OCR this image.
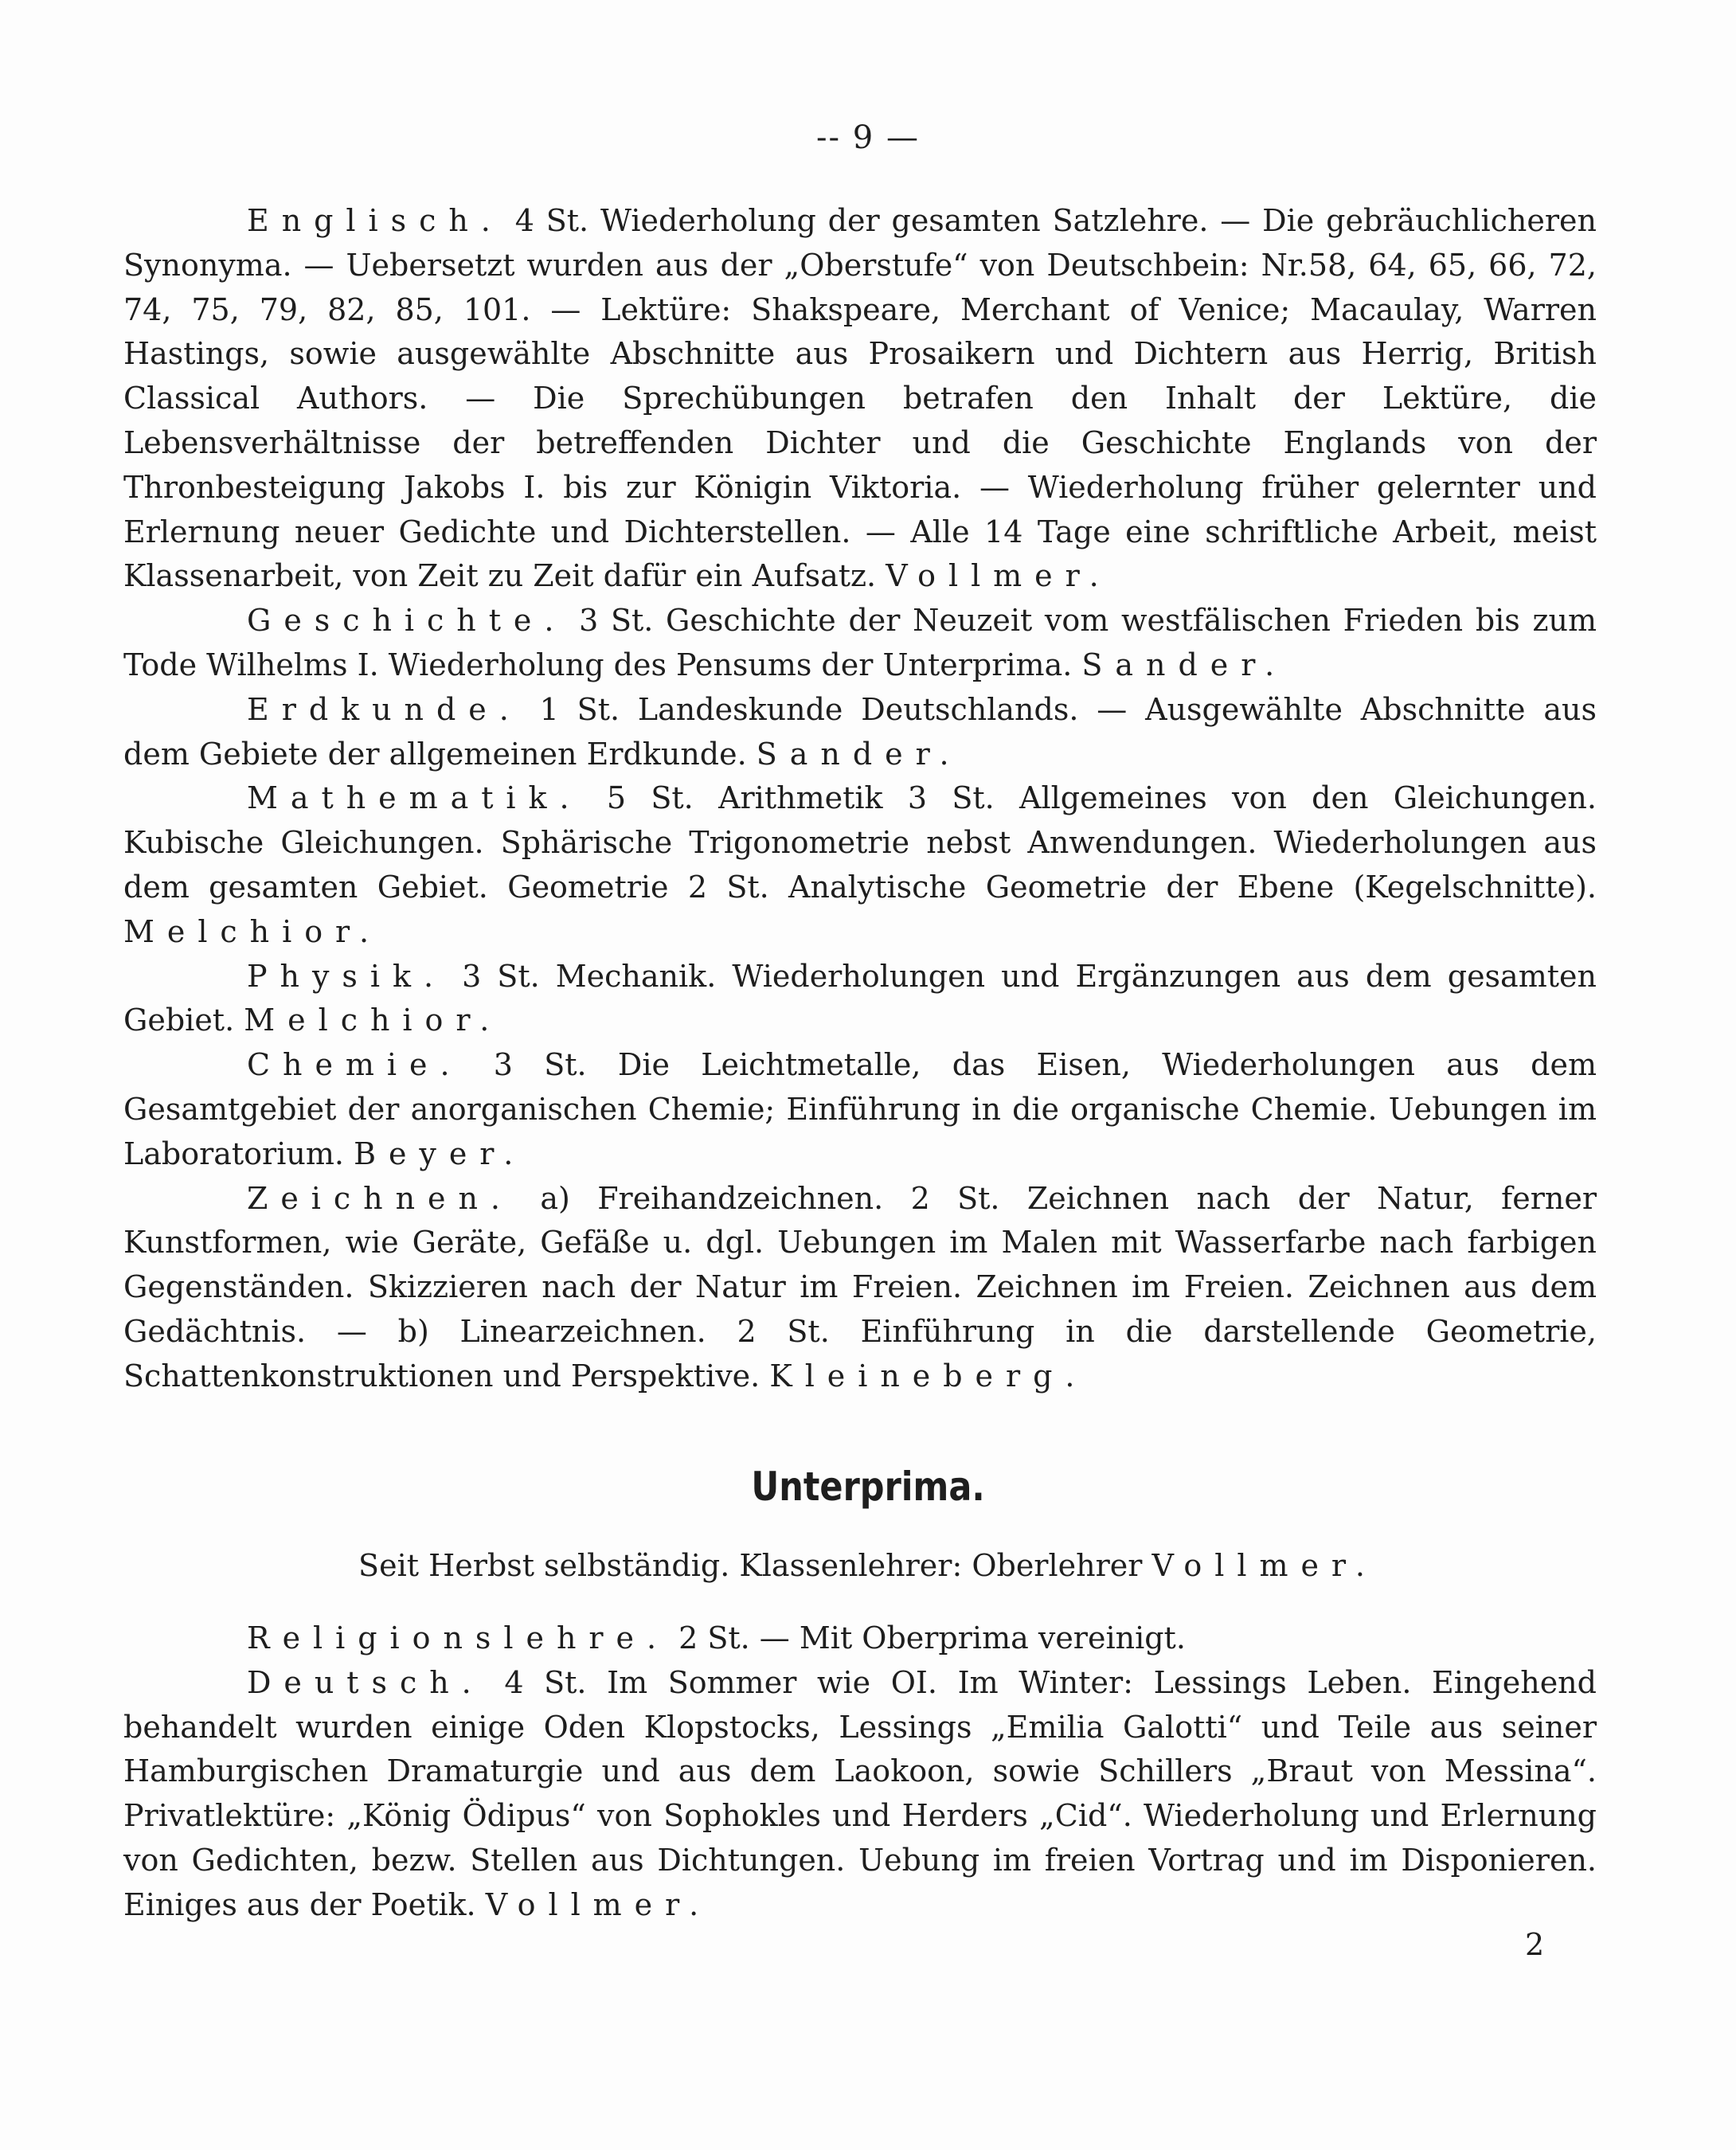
-- 9 —

Englisch. 4 St. Wiederholung der gesamten Satzlehre. — Die gebräuchlicheren Synonyma. — Uebersetzt wurden aus der „Oberstufe“ von Deutschbein: Nr.58, 64, 65, 66, 72, 74, 75, 79, 82, 85, 101. — Lektüre: Shakspeare, Merchant of Venice; Macaulay, Warren Hastings, sowie ausgewählte Abschnitte aus Prosaikern und Dichtern aus Herrig, British Classical Authors. — Die Sprechübungen betrafen den Inhalt der Lektüre, die Lebensverhältnisse der betreffenden Dichter und die Geschichte Englands von der Thronbesteigung Jakobs I. bis zur Königin Viktoria. — Wiederholung früher gelernter und Erlernung neuer Gedichte und Dichterstellen. — Alle 14 Tage eine schriftliche Arbeit, meist Klassenarbeit, von Zeit zu Zeit dafür ein Aufsatz. Vollmer.

Geschichte. 3 St. Geschichte der Neuzeit vom westfälischen Frieden bis zum Tode Wilhelms I. Wiederholung des Pensums der Unterprima. Sander.

Erdkunde. 1 St. Landeskunde Deutschlands. — Ausgewählte Abschnitte aus dem Gebiete der allgemeinen Erdkunde. Sander.

Mathematik. 5 St. Arithmetik 3 St. Allgemeines von den Gleichungen. Kubische Gleichungen. Sphärische Trigonometrie nebst Anwendungen. Wiederholungen aus dem gesamten Gebiet. Geometrie 2 St. Analytische Geometrie der Ebene (Kegelschnitte). Melchior.

Physik. 3 St. Mechanik. Wiederholungen und Ergänzungen aus dem gesamten Gebiet. Melchior.

Chemie. 3 St. Die Leichtmetalle, das Eisen, Wiederholungen aus dem Gesamtgebiet der anorganischen Chemie; Einführung in die organische Chemie. Uebungen im Laboratorium. Beyer.

Zeichnen. a) Freihandzeichnen. 2 St. Zeichnen nach der Natur, ferner Kunstformen, wie Geräte, Gefäße u. dgl. Uebungen im Malen mit Wasserfarbe nach farbigen Gegenständen. Skizzieren nach der Natur im Freien. Zeichnen im Freien. Zeichnen aus dem Gedächtnis. — b) Linearzeichnen. 2 St. Einführung in die darstellende Geometrie, Schattenkonstruktionen und Perspektive. Kleineberg.

Unterprima.
Seit Herbst selbständig. Klassenlehrer: Oberlehrer Vollmer.

Religionslehre. 2 St. — Mit Oberprima vereinigt.

Deutsch. 4 St. Im Sommer wie OI. Im Winter: Lessings Leben. Eingehend behandelt wurden einige Oden Klopstocks, Lessings „Emilia Galotti“ und Teile aus seiner Hamburgischen Dramaturgie und aus dem Laokoon, sowie Schillers „Braut von Messina“. Privatlektüre: „König Ödipus“ von Sophokles und Herders „Cid“. Wiederholung und Erlernung von Gedichten, bezw. Stellen aus Dichtungen. Uebung im freien Vortrag und im Disponieren. Einiges aus der Poetik. Vollmer.

2
